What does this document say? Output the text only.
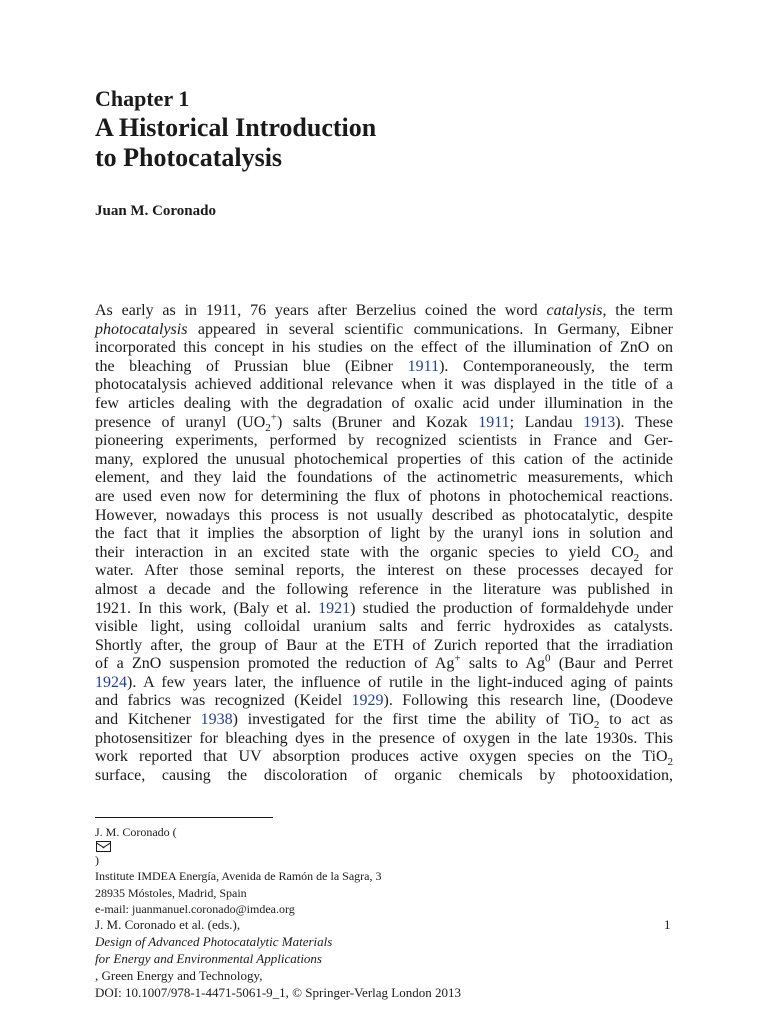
Chapter 1
A Historical Introduction
to Photocatalysis
Juan M. Coronado
As early as in 1911, 76 years after Berzelius coined the word catalysis, the term
photocatalysis appeared in several scientific communications. In Germany, Eibner
incorporated this concept in his studies on the effect of the illumination of ZnO on
the bleaching of Prussian blue (Eibner 1911). Contemporaneously, the term
photocatalysis achieved additional relevance when it was displayed in the title of a
few articles dealing with the degradation of oxalic acid under illumination in the
presence of uranyl $(UO_2^+)$ salts (Bruner and Kozak 1911; Landau 1913). These
pioneering experiments, performed by recognized scientists in France and Ger-
many, explored the unusual photochemical properties of this cation of the actinide
element, and they laid the foundations of the actinometric measurements, which
are used even now for determining the flux of photons in photochemical reactions.
However, nowadays this process is not usually described as photocatalytic, despite
the fact that it implies the absorption of light by the uranyl ions in solution and
their interaction in an excited state with the organic species to yield $CO_2$ and
water. After those seminal reports, the interest on these processes decayed for
almost a decade and the following reference in the literature was published in
1921. In this work, (Baly et al. 1921) studied the production of formaldehyde under
visible light, using colloidal uranium salts and ferric hydroxides as catalysts.
Shortly after, the group of Baur at the ETH of Zurich reported that the irradiation
of a ZnO suspension promoted the reduction of Ag+ salts to Ag$^0$ (Baur and Perret
1924). A few years later, the influence of rutile in the light-induced aging of paints
and fabrics was recognized (Keidel 1929). Following this research line, (Doodeve
and Kitchener 1938) investigated for the first time the ability of TiO$_2$ to act as
photosensitizer for bleaching dyes in the presence of oxygen in the late 1930s. This
work reported that UV absorption produces active oxygen species on the TiO$_2$
surface, causing the discoloration of organic chemicals by photooxidation,
J. M. Coronado (
)
Institute IMDEA Energía, Avenida de Ramón de la Sagra, 3
28935 Móstoles, Madrid, Spain
e-mail: juanmanuel.coronado@imdea.org
J. M. Coronado et al. (eds.),
Design of Advanced Photocatalytic Materials
for Energy and Environmental Applications
, Green Energy and Technology,
DOI: 10.1007/978-1-4471-5061-9_1, © Springer-Verlag London 2013
1
